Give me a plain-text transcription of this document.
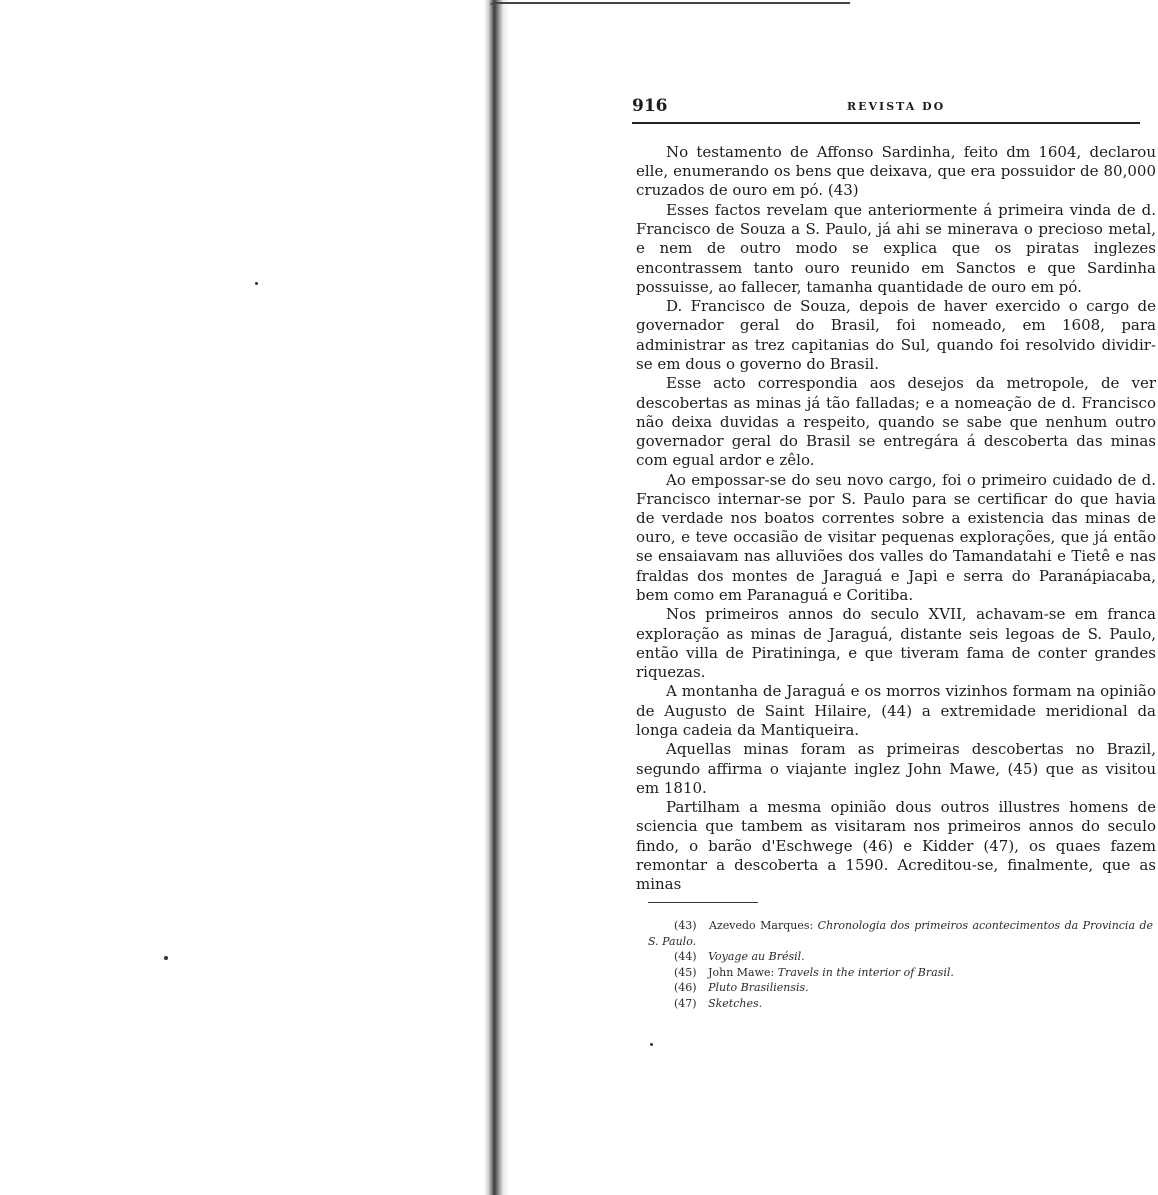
916	REVISTA DO

No testamento de Affonso Sardinha, feito dm 1604, declarou elle, enumerando os bens que deixava, que era possuidor de 80,000 cruzados de ouro em pó. (43)

Esses factos revelam que anteriormente á primeira vinda de d. Francisco de Souza a S. Paulo, já ahi se minerava o precioso metal, e nem de outro modo se explica que os piratas inglezes encontrassem tanto ouro reunido em Sanctos e que Sardinha possuisse, ao fallecer, tamanha quantidade de ouro em pó.

D. Francisco de Souza, depois de haver exercido o cargo de governador geral do Brasil, foi nomeado, em 1608, para administrar as trez capitanias do Sul, quando foi resolvido dividir-se em dous o governo do Brasil.

Esse acto correspondia aos desejos da metropole, de ver descobertas as minas já tão falladas; e a nomeação de d. Francisco não deixa duvidas a respeito, quando se sabe que nenhum outro governador geral do Brasil se entregára á descoberta das minas com egual ardor e zêlo.

Ao empossar-se do seu novo cargo, foi o primeiro cuidado de d. Francisco internar-se por S. Paulo para se certificar do que havia de verdade nos boatos correntes sobre a existencia das minas de ouro, e teve occasião de visitar pequenas explorações, que já então se ensaiavam nas alluviões dos valles do Tamandatahi e Tietê e nas fraldas dos montes de Jaraguá e Japi e serra do Paranápiacaba, bem como em Paranaguá e Coritiba.

Nos primeiros annos do seculo XVII, achavam-se em franca exploração as minas de Jaraguá, distante seis legoas de S. Paulo, então villa de Piratininga, e que tiveram fama de conter grandes riquezas.

A montanha de Jaraguá e os morros vizinhos formam na opinião de Augusto de Saint Hilaire, (44) a extremidade meridional da longa cadeia da Mantiqueira.

Aquellas minas foram as primeiras descobertas no Brazil, segundo affirma o viajante inglez John Mawe, (45) que as visitou em 1810.

Partilham a mesma opinião dous outros illustres homens de sciencia que tambem as visitaram nos primeiros annos do seculo findo, o barão d'Eschwege (46) e Kidder (47), os quaes fazem remontar a descoberta a 1590. Acreditou-se, finalmente, que as minas

(43) Azevedo Marques: Chronologia dos primeiros acontecimentos da Provincia de S. Paulo.

(44) Voyage au Brésil.

(45) John Mawe: Travels in the interior of Brasil.

(46) Pluto Brasiliensis.

(47) Sketches.
